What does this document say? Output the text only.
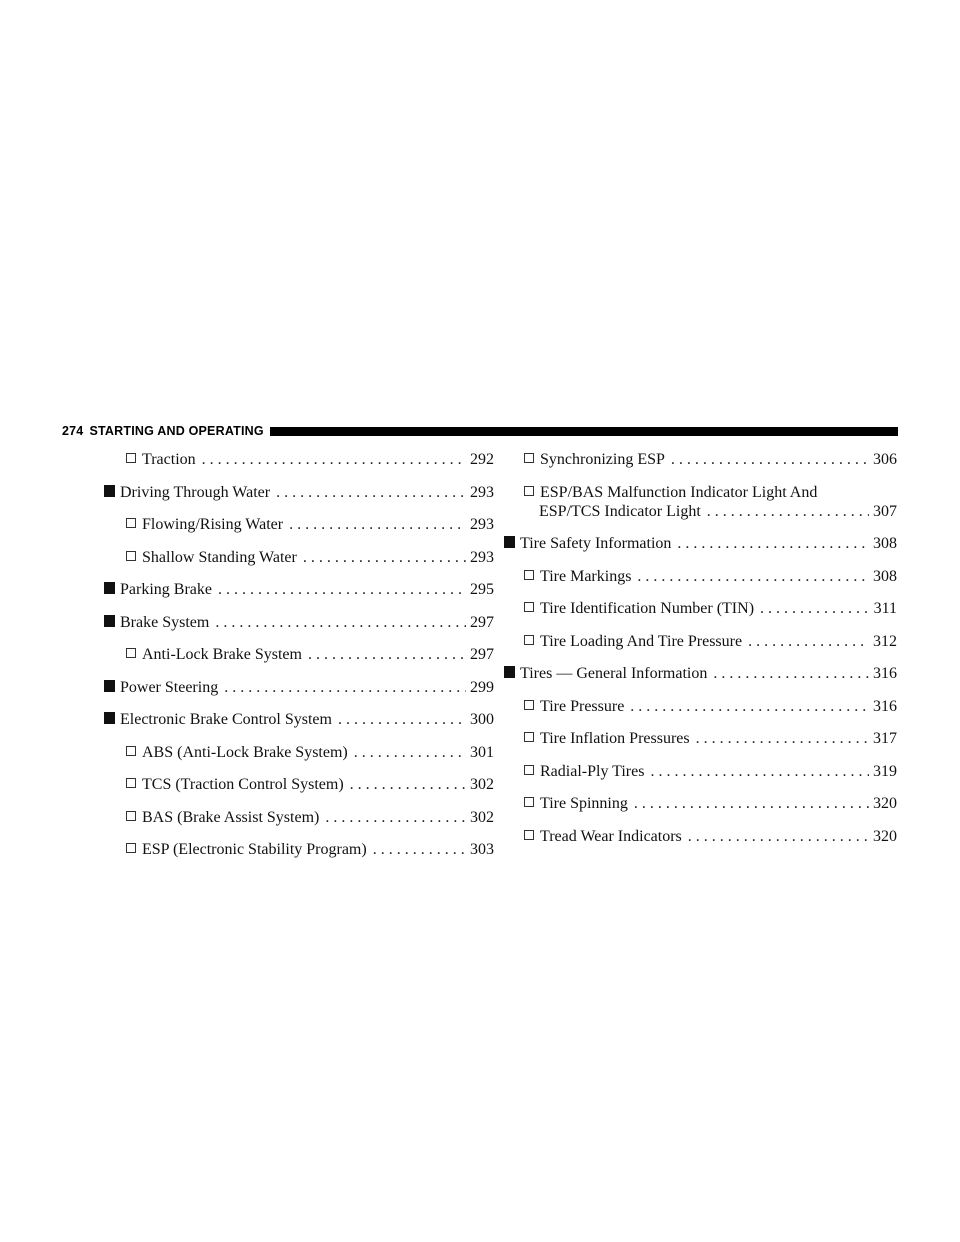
274 STARTING AND OPERATING
Traction . . .	292
Driving Through Water . . .	293
Flowing/Rising Water . . .	293
Shallow Standing Water . . .	293
Parking Brake . . .	295
Brake System . . .	297
Anti-Lock Brake System . . .	297
Power Steering . . .	299
Electronic Brake Control System . . .	300
ABS (Anti-Lock Brake System) . . .	301
TCS (Traction Control System) . . .	302
BAS (Brake Assist System) . . .	302
ESP (Electronic Stability Program) . . .	303
Synchronizing ESP . . .	306
ESP/BAS Malfunction Indicator Light And
ESP/TCS Indicator Light . . .	307
Tire Safety Information . . .	308
Tire Markings . . .	308
Tire Identification Number (TIN) . . .	311
Tire Loading And Tire Pressure . . .	312
Tires — General Information . . .	316
Tire Pressure . . .	316
Tire Inflation Pressures . . .	317
Radial-Ply Tires . . .	319
Tire Spinning . . .	320
Tread Wear Indicators . . .	320
